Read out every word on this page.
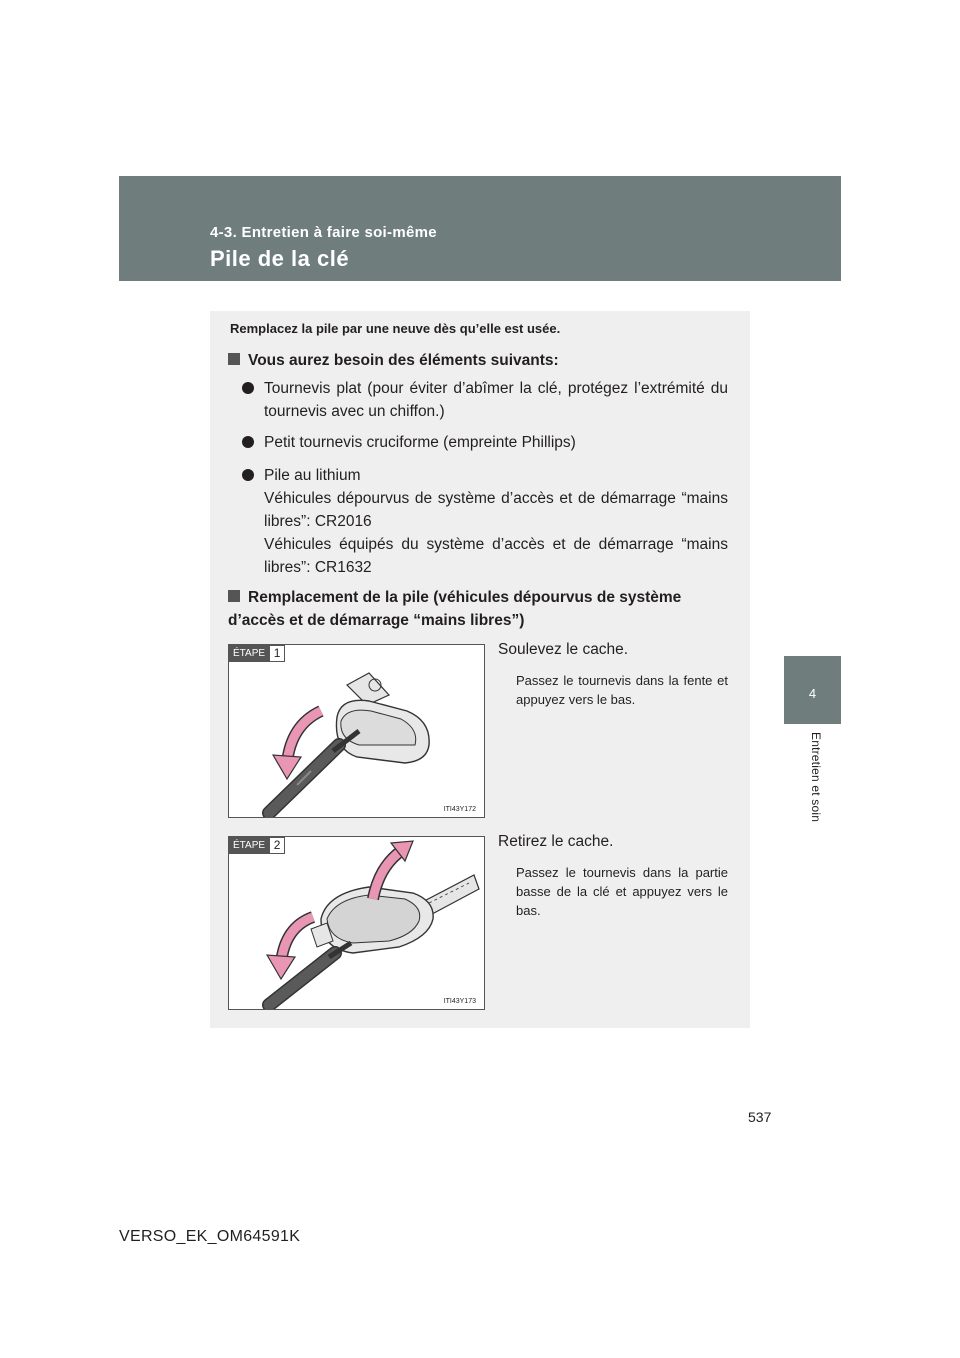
4-3. Entretien à faire soi-même
Pile de la clé
4
Entretien et soin
Remplacez la pile par une neuve dès qu’elle est usée.
Vous aurez besoin des éléments suivants:
Tournevis plat (pour éviter d’abîmer la clé, protégez l’extrémité du tournevis avec un chiffon.)
Petit tournevis cruciforme (empreinte Phillips)
Pile au lithium
Véhicules dépourvus de système d’accès et de démarrage “mains libres”: CR2016
Véhicules équipés du système d’accès et de démarrage “mains libres”: CR1632
Remplacement de la pile (véhicules dépourvus de système d’accès et de démarrage “mains libres”)
ÉTAPE 1
ITI43Y172
Soulevez le cache.
Passez le tournevis dans la fente et appuyez vers le bas.
ÉTAPE 2
ITI43Y173
Retirez le cache.
Passez le tournevis dans la partie basse de la clé et appuyez vers le bas.
537
VERSO_EK_OM64591K
